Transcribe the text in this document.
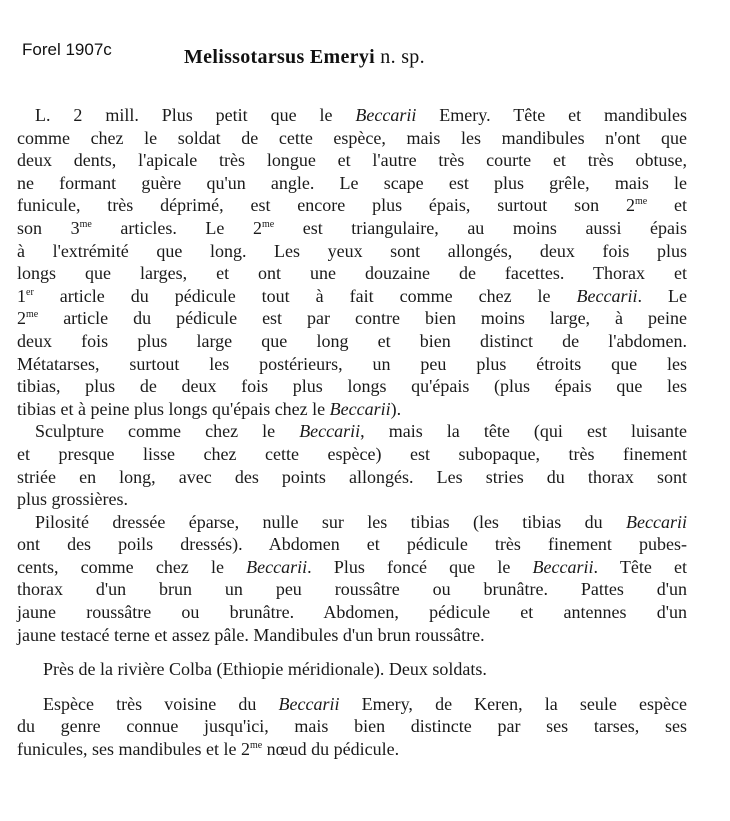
Forel 1907c	Melissotarsus Emeryi n. sp.
L. 2 mill. Plus petit que le Beccarii Emery. Tête et mandibules
comme chez le soldat de cette espèce, mais les mandibules n'ont que
deux dents, l'apicale très longue et l'autre très courte et très obtuse,
ne formant guère qu'un angle. Le scape est plus grêle, mais le
funicule, très déprimé, est encore plus épais, surtout son $2^{me}$ et
son $3^{me}$ articles. Le $2^{me}$ est triangulaire, au moins aussi épais
à l'extrémité que long. Les yeux sont allongés, deux fois plus
longs que larges, et ont une douzaine de facettes. Thorax et
1er article du pédicule tout à fait comme chez le Beccarii. Le
$2^{me}$ article du pédicule est par contre bien moins large, à peine
deux fois plus large que long et bien distinct de l'abdomen.
Métatarses, surtout les postérieurs, un peu plus étroits que les
tibias, plus de deux fois plus longs qu'épais (plus épais que les
tibias et à peine plus longs qu'épais chez le Beccarii).
Sculpture comme chez le Beccarii, mais la tête (qui est luisante
et presque lisse chez cette espèce) est subopaque, très finement
striée en long, avec des points allongés. Les stries du thorax sont
plus grossières.
Pilosité dressée éparse, nulle sur les tibias (les tibias du Beccarii
ont des poils dressés). Abdomen et pédicule très finement pubes-
cents, comme chez le Beccarii. Plus foncé que le Beccarii. Tête et
thorax d'un brun un peu roussâtre ou brunâtre. Pattes d'un
jaune roussâtre ou brunâtre. Abdomen, pédicule et antennes d'un
jaune testacé terne et assez pâle. Mandibules d'un brun roussâtre.
Près de la rivière Colba (Ethiopie méridionale). Deux soldats.
Espèce très voisine du Beccarii Emery, de Keren, la seule espèce
du genre connue jusqu'ici, mais bien distincte par ses tarses, ses
funicules, ses mandibules et le $2^{me}$ nœud du pédicule.
